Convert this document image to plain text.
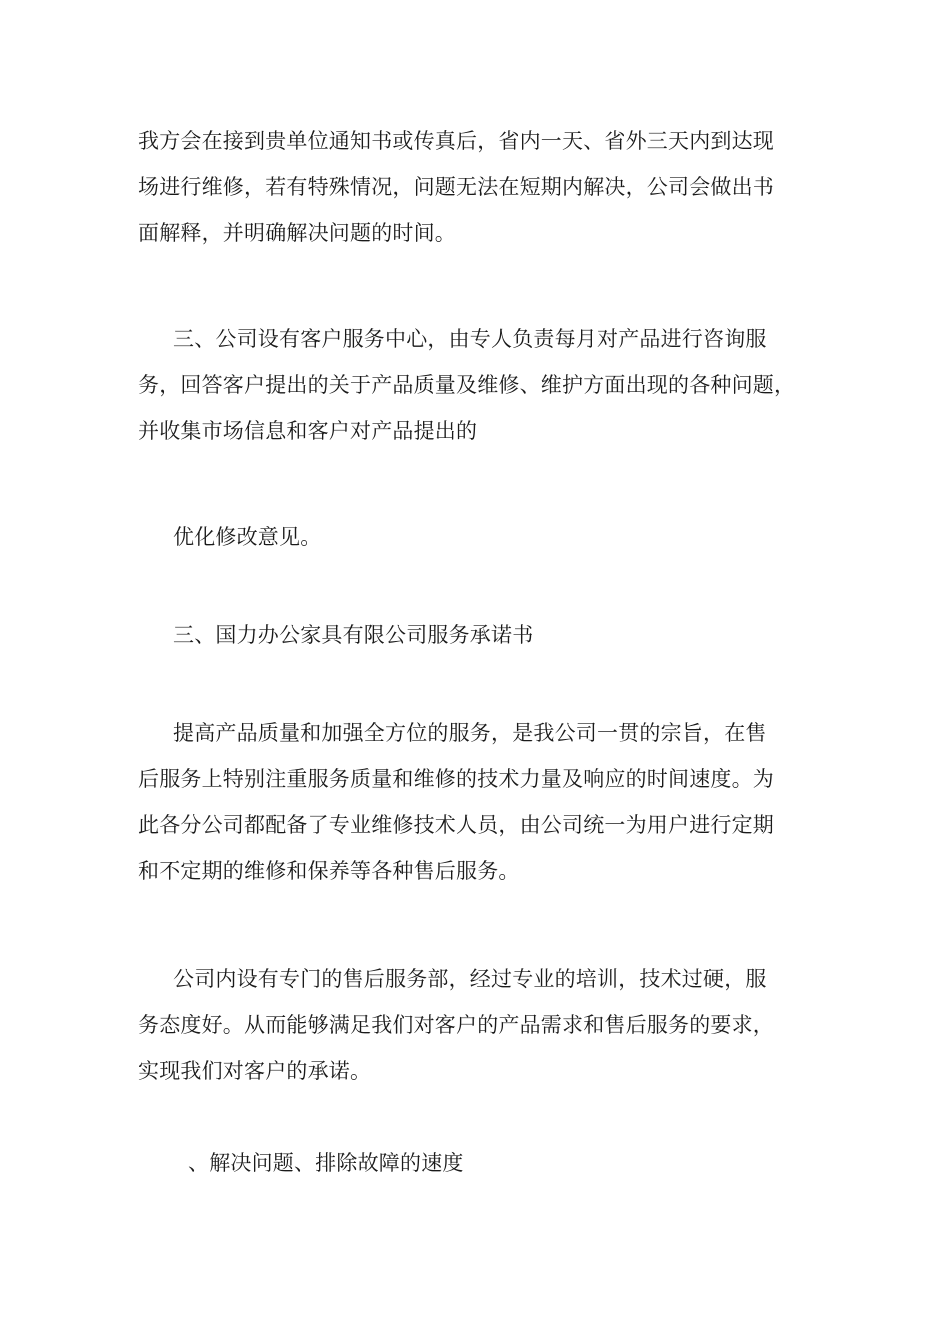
我方会在接到贵单位通知书或传真后，省内一天、省外三天内到达现
场进行维修，若有特殊情况，问题无法在短期内解决，公司会做出书
面解释，并明确解决问题的时间。
三、公司设有客户服务中心，由专人负责每月对产品进行咨询服
务，回答客户提出的关于产品质量及维修、维护方面出现的各种问题，
并收集市场信息和客户对产品提出的
优化修改意见。
三、国力办公家具有限公司服务承诺书
提高产品质量和加强全方位的服务，是我公司一贯的宗旨，在售
后服务上特别注重服务质量和维修的技术力量及响应的时间速度。为
此各分公司都配备了专业维修技术人员，由公司统一为用户进行定期
和不定期的维修和保养等各种售后服务。
公司内设有专门的售后服务部，经过专业的培训，技术过硬，服
务态度好。从而能够满足我们对客户的产品需求和售后服务的要求，
实现我们对客户的承诺。
、解决问题、排除故障的速度
